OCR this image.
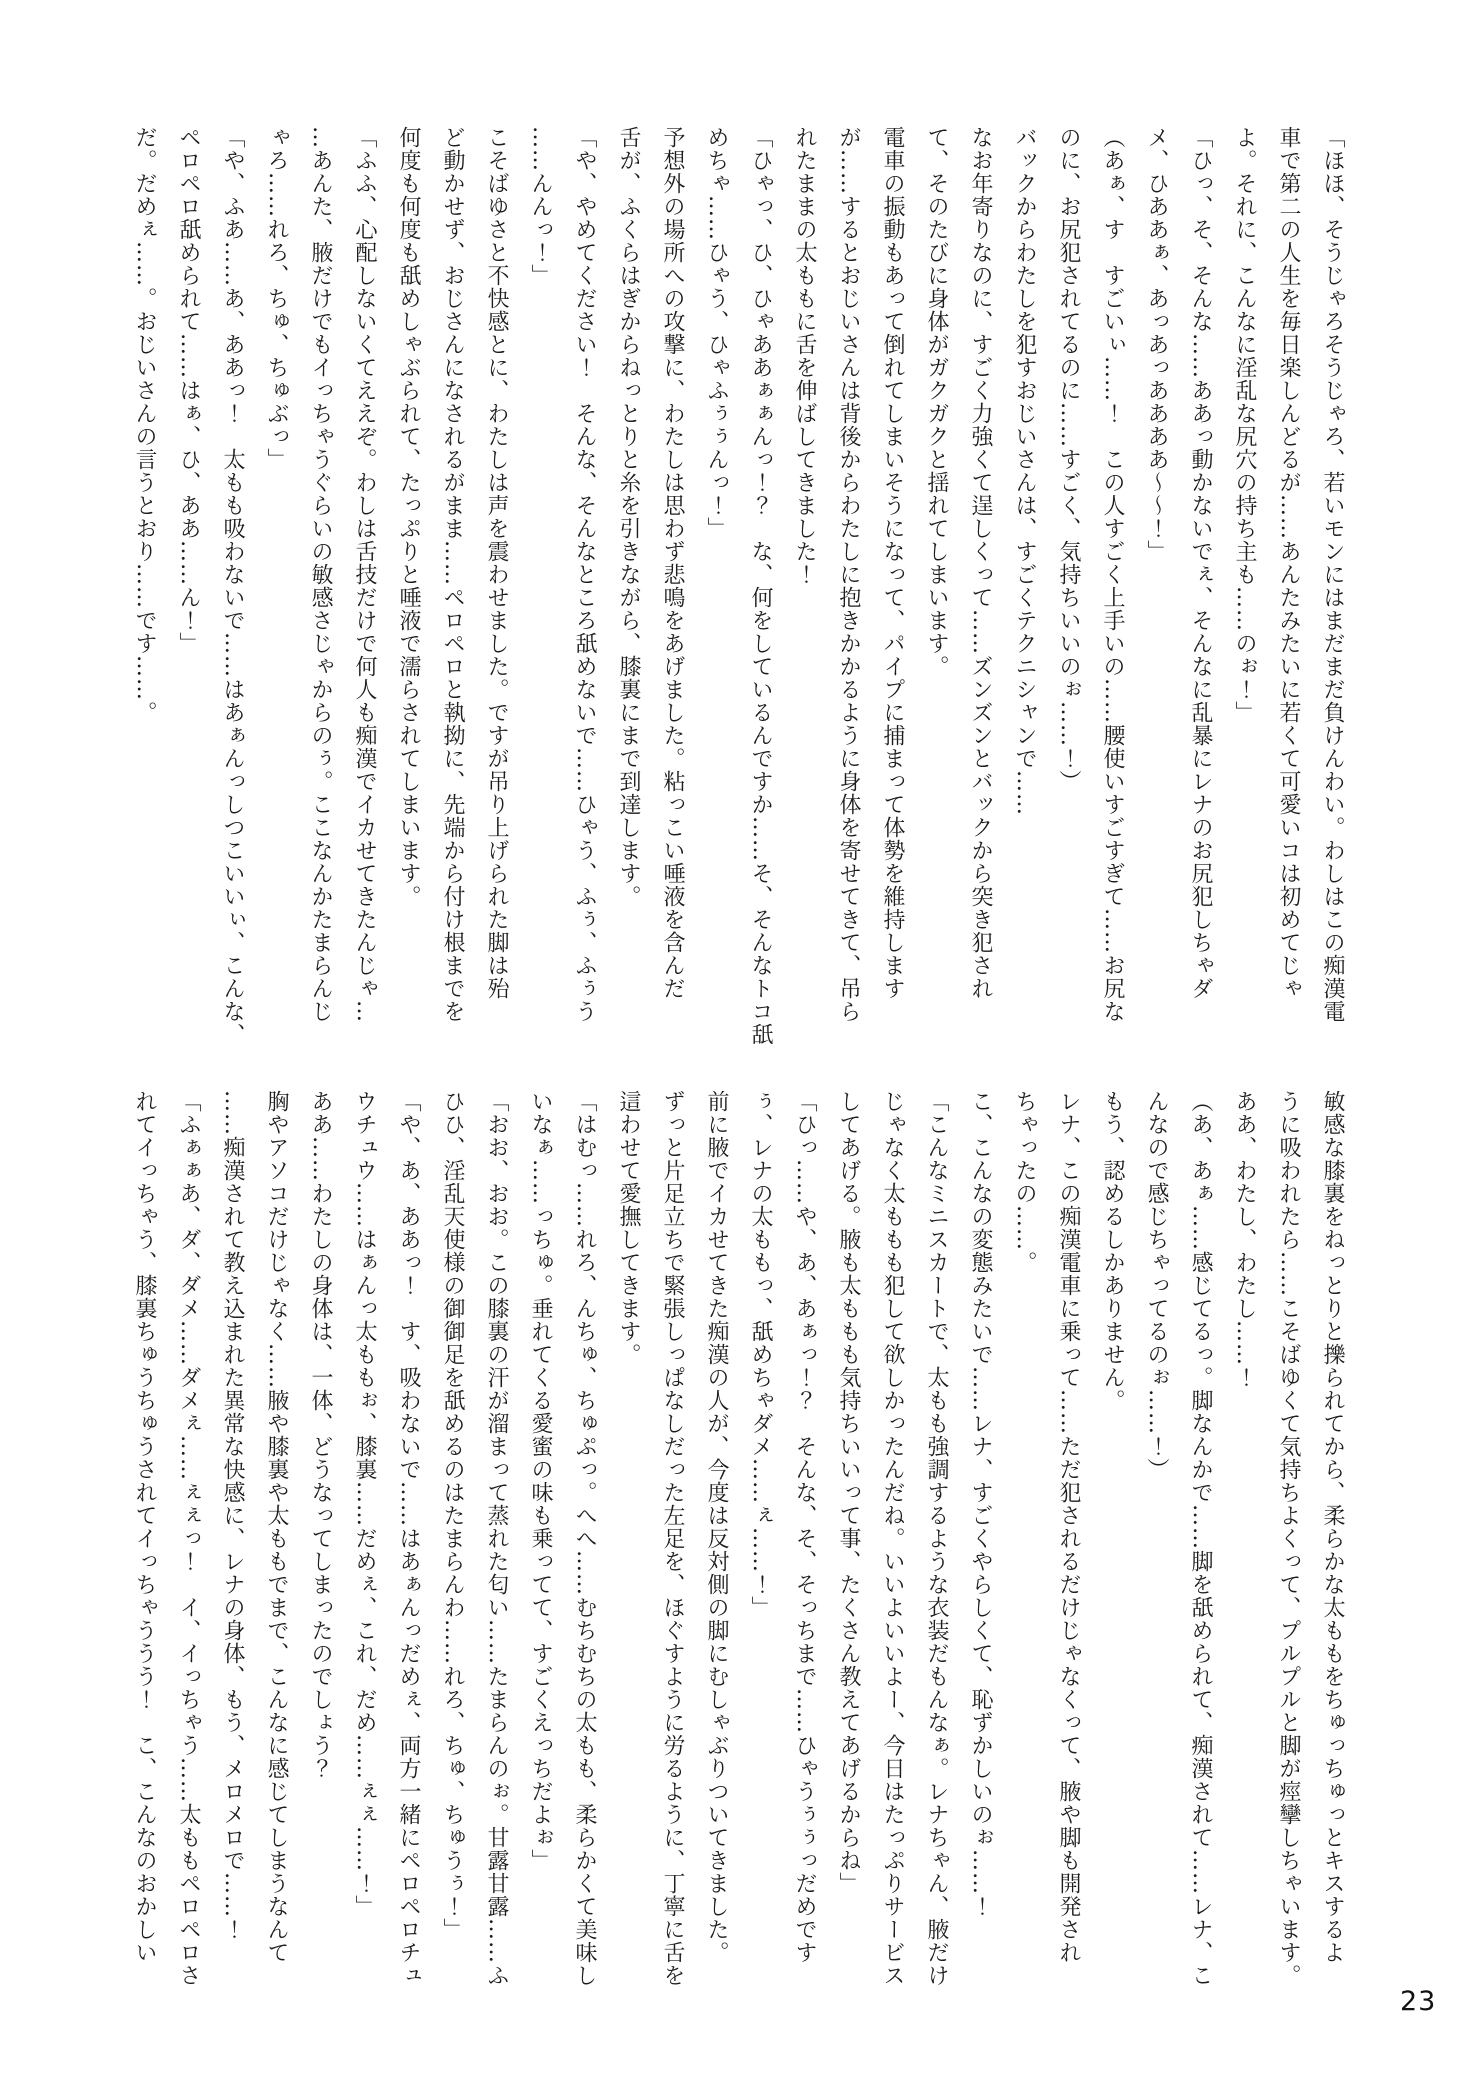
「ほほ、そうじゃろそうじゃろ、若いモンにはまだまだ負けんわい。わしはこの痴漢電

車で第二の人生を毎日楽しんどるが……あんたみたいに若くて可愛いコは初めてじゃ

よ。それに、こんなに淫乱な尻穴の持ち主も……のぉ！」

「ひっ、そ、そんな……ああっ動かないでぇ、そんなに乱暴にレナのお尻犯しちゃダ

メ、ひああぁ、あっあっああああ〜〜！」

（あぁ、す　すごいぃ……！　この人すごく上手いの……腰使いすごすぎて……お尻な

のに、お尻犯されてるのに……すごく、気持ちいいのぉ……！）

バックからわたしを犯すおじいさんは、すごくテクニシャンで……

なお年寄りなのに、すごく力強くて逞しくって……ズンズンとバックから突き犯され

て、そのたびに身体がガクガクと揺れてしまいます。

電車の振動もあって倒れてしまいそうになって、パイプに捕まって体勢を維持します

が……するとおじいさんは背後からわたしに抱きかかるように身体を寄せてきて、吊ら

れたままの太ももに舌を伸ばしてきました！

「ひゃっ、ひ、ひゃああぁぁんっ！？　な、何をしているんですか……そ、そんなトコ舐

めちゃ……ひゃう、ひゃふぅぅんっ！」

予想外の場所への攻撃に、わたしは思わず悲鳴をあげました。粘っこい唾液を含んだ

舌が、ふくらはぎからねっとりと糸を引きながら、膝裏にまで到達します。

「や、やめてください！　そんな、そんなところ舐めないで……ひゃう、ふぅ、ふぅう

……んんっ！」

こそばゆさと不快感とに、わたしは声を震わせました。ですが吊り上げられた脚は殆

ど動かせず、おじさんになされるがまま……ペロペロと執拗に、先端から付け根までを

何度も何度も舐めしゃぶられて、たっぷりと唾液で濡らされてしまいます。

「ふふ、心配しないくてええぞ。わしは舌技だけで何人も痴漢でイカせてきたんじゃ…

…あんた、腋だけでもイっちゃうぐらいの敏感さじゃからのぅ。ここなんかたまらんじ

ゃろ……れろ、ちゅ、ちゅぶっ」

「や、ふあ……あ、ああっ！　太もも吸わないで……はあぁんっしつこいいぃ、こんな、

ペロペロ舐められて……はぁ、ひ、ああ……ん！」

だ。だめぇ……。おじいさんの言うとおり……です……。

敏感な膝裏をねっとりと擽られてから、柔らかな太ももをちゅっちゅっとキスするよ

うに吸われたら……こそばゆくて気持ちよくって、プルプルと脚が痙攣しちゃいます。

ああ、わたし、わたし……！

（あ、あぁ……感じてるっ。脚なんかで……脚を舐められて、痴漢されて……レナ、こ

んなので感じちゃってるのぉ……！）

もう、認めるしかありません。

レナ、この痴漢電車に乗って……ただ犯されるだけじゃなくって、腋や脚も開発され

ちゃったの……。

こ、こんなの変態みたいで……レナ、すごくやらしくて、恥ずかしいのぉ……！

「こんなミニスカートで、太もも強調するような衣装だもんなぁ。レナちゃん、腋だけ

じゃなく太ももも犯して欲しかったんだね。いいよいいよー、今日はたっぷりサービス

してあげる。腋も太ももも気持ちいいって事、たくさん教えてあげるからね」

「ひっ……や、あ、あぁっ！？　そんな、そ、そっちまで……ひゃうぅぅっだめです

ぅ、レナの太ももっ、舐めちゃダメ……ぇ……！」

前に腋でイカせてきた痴漢の人が、今度は反対側の脚にむしゃぶりついてきました。

ずっと片足立ちで緊張しっぱなしだった左足を、ほぐすように労るように、丁寧に舌を

這わせて愛撫してきます。

「はむっ……れろ、んちゅ、ちゅぷっ。へへ……むちむちの太もも、柔らかくて美味し

いなぁ……っちゅ。垂れてくる愛蜜の味も乗ってて、すごくえっちだよぉ」

「おお、おお。この膝裏の汗が溜まって蒸れた匂い……たまらんのぉ。甘露甘露……ふ

ひひ、淫乱天使様の御御足を舐めるのはたまらんわ……れろ、ちゅ、ちゅうぅ！」

「や、あ、ああっ！　す、吸わないで……はあぁんっだめぇ、両方一緒にペロペロチュ

ウチュウ……はぁんっ太ももぉ、膝裏……だめぇ、これ、だめ……ぇぇ……！」

ああ……わたしの身体は、一体、どうなってしまったのでしょう？

胸やアソコだけじゃなく……腋や膝裏や太ももでまで、こんなに感じてしまうなんて

……痴漢されて教え込まれた異常な快感に、レナの身体、もう、メロメロで……！

「ふぁぁあ、ダ、ダメ……ダメぇ……ぇぇっ！　イ、イっちゃう……太ももペロペロさ

れてイっちゃう、膝裏ちゅうちゅうされてイっちゃううう！　こ、こんなのおかしい

23
